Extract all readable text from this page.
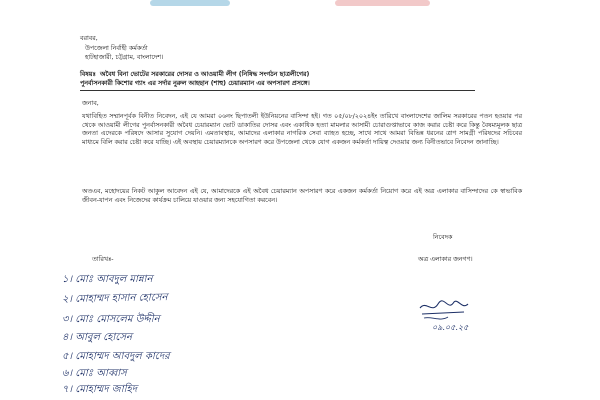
বরাবর,
উপজেলা নির্বাহী কর্মকর্তা
হাটহাজারী, চট্টগ্রাম, বাংলাদেশ।
বিষয়ঃ অবৈধ বিনা ভোটের সরকারের দোসর ও আওয়ামী লীগ (নিষিদ্ধ সংগঠন ছাত্রলীগের)
পুনর্বাসনকারী কিশোর গ্যাং এর সর্দার নুরুল আহছান (শাহু) চেয়ারম্যান এর অপসারণ প্রসঙ্গে।
জনাব,
যথাবিহিত সম্মানপূর্বক বিনীত নিবেদন, এই যে আমরা ০৬নং ছিপাতলী ইউনিয়নের বাসিন্দা হই। গত ০৫/০৮/২০২৪ইং তারিখে বাংলাদেশের জালিম সরকারের পতন হওয়ার পর থেকে আওয়ামী লীগের পুনর্বাসনকারী অবৈধ চেয়ারম্যান ভোট ডাকাতির দোসর এবং একাধিক হত্যা মামলার আসামী চোরাগুপ্তাভাবে কাজ করার চেষ্টা করে কিন্তু বৈষম্যমূলক ছাত্র জনতা এদেরকে পরিষদে আসার সুযোগ দেয়নি। এমতাবস্থায়, আমাদের এলাকার নাগরিক সেবা ব্যাহত হচ্ছে, সাথে সাথে আমরা বিভিন্ন ধরনের ত্রাণ সামগ্রী পরিষদের সচিবের মাধ্যমে বিলি করার চেষ্টা করে যাচ্ছি। এই অবস্থায় চেয়ারম্যানকে অপসারণ করে উপজেলা থেকে যোগ একজন কর্মকর্তা দায়িত্ব দেওয়ার জন্য বিনীতভাবে নিবেদন জানাচ্ছি।
অতএব, মহোদয়ের নিকট আকুল আবেদন এই যে, আমাদেরকে এই অবৈধ চেয়ারম্যান অপসারণ করে একজন কর্মকর্তা নিয়োগ করে এই অত্র এলাকার বাসিন্দাদের কে স্বাভাবিক জীবন-যাপন এবং নিজেদের কার্যক্রম চালিয়ে যাওয়ার জন্য সহযোগিতা করবেন।
নিবেদক
তারিখঃ-	অত্র এলাকার জনগণ।
১। মোঃ আবদুল মান্নান
২। মোহাম্মদ হাসান হোসেন
৩। মোঃ মোসলেম উদ্দীন
৪। আবুল হোসেন
৫। মোহাম্মদ আবদুল কাদের
৬। মোঃ আব্বাস
৭। মোহাম্মদ জাহিদ
০৯.০৫.২৫
